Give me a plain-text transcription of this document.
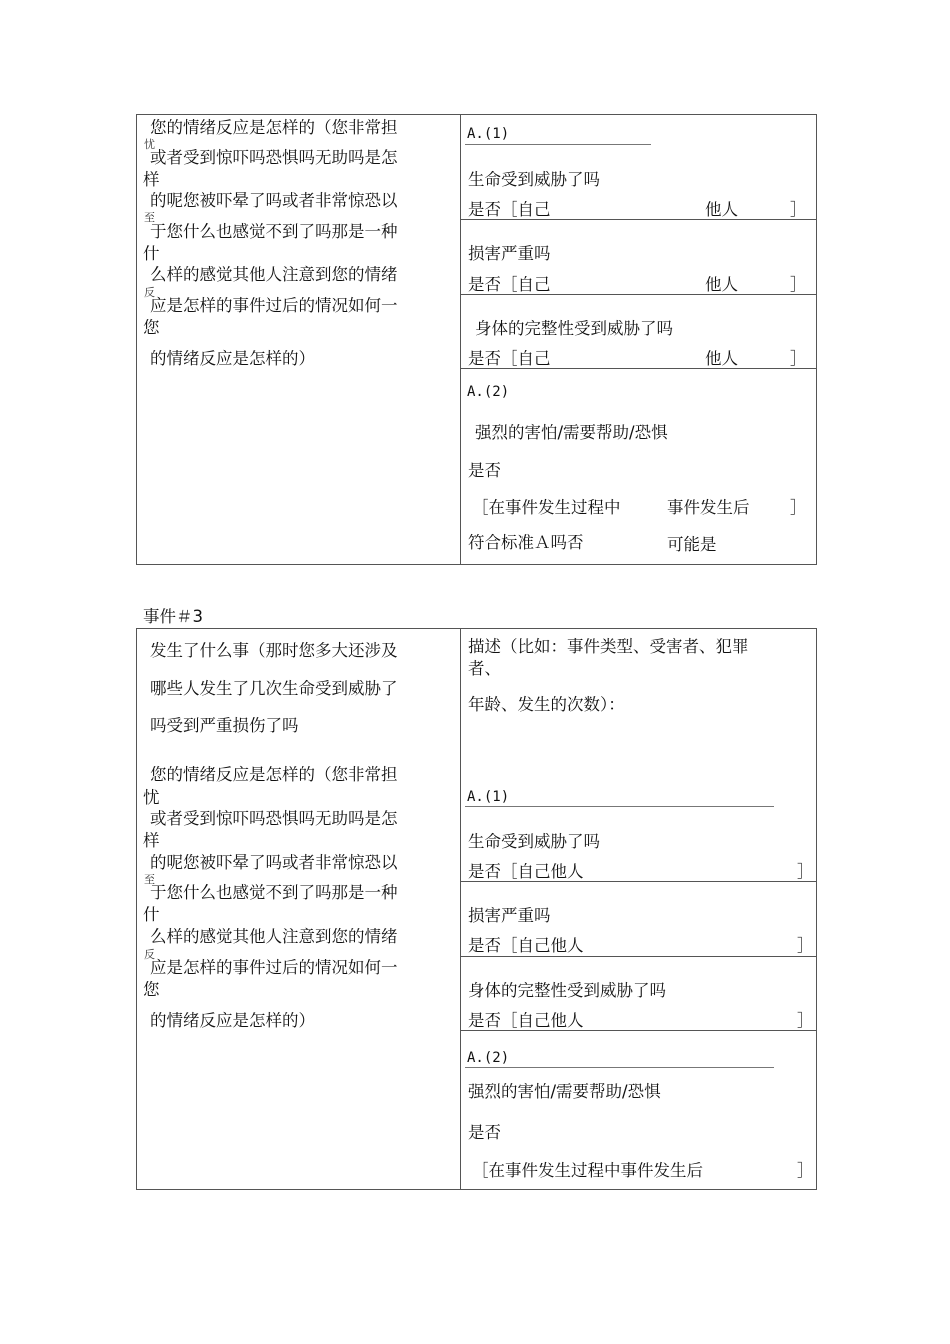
您的情绪反应是怎样的（您非常担
忧
或者受到惊吓吗恐惧吗无助吗是怎
样
的呢您被吓晕了吗或者非常惊恐以
至
于您什么也感觉不到了吗那是一种
什
么样的感觉其他人注意到您的情绪
反
应是怎样的事件过后的情况如何一
您
的情绪反应是怎样的）
A.(1)
生命受到威胁了吗
是否［自己	他人	］
损害严重吗
是否［自己	他人	］
身体的完整性受到威胁了吗
是否［自己	他人	］
A.(2)
强烈的害怕/需要帮助/恐惧
是否
［在事件发生过程中	事件发生后 ］
符合标准Ａ吗否	可能是
事件＃3
发生了什么事（那时您多大还涉及
哪些人发生了几次生命受到威胁了
吗受到严重损伤了吗
您的情绪反应是怎样的（您非常担
忧
或者受到惊吓吗恐惧吗无助吗是怎
样
的呢您被吓晕了吗或者非常惊恐以
至
于您什么也感觉不到了吗那是一种
什
么样的感觉其他人注意到您的情绪
反
应是怎样的事件过后的情况如何一
您
的情绪反应是怎样的）
描述（比如：事件类型、受害者、犯罪
者、
年龄、发生的次数）：
A.(1)
生命受到威胁了吗
是否［自己他人	］
损害严重吗
是否［自己他人	］
身体的完整性受到威胁了吗
是否［自己他人	］
A.(2)
强烈的害怕/需要帮助/恐惧
是否
［在事件发生过程中事件发生后	］
